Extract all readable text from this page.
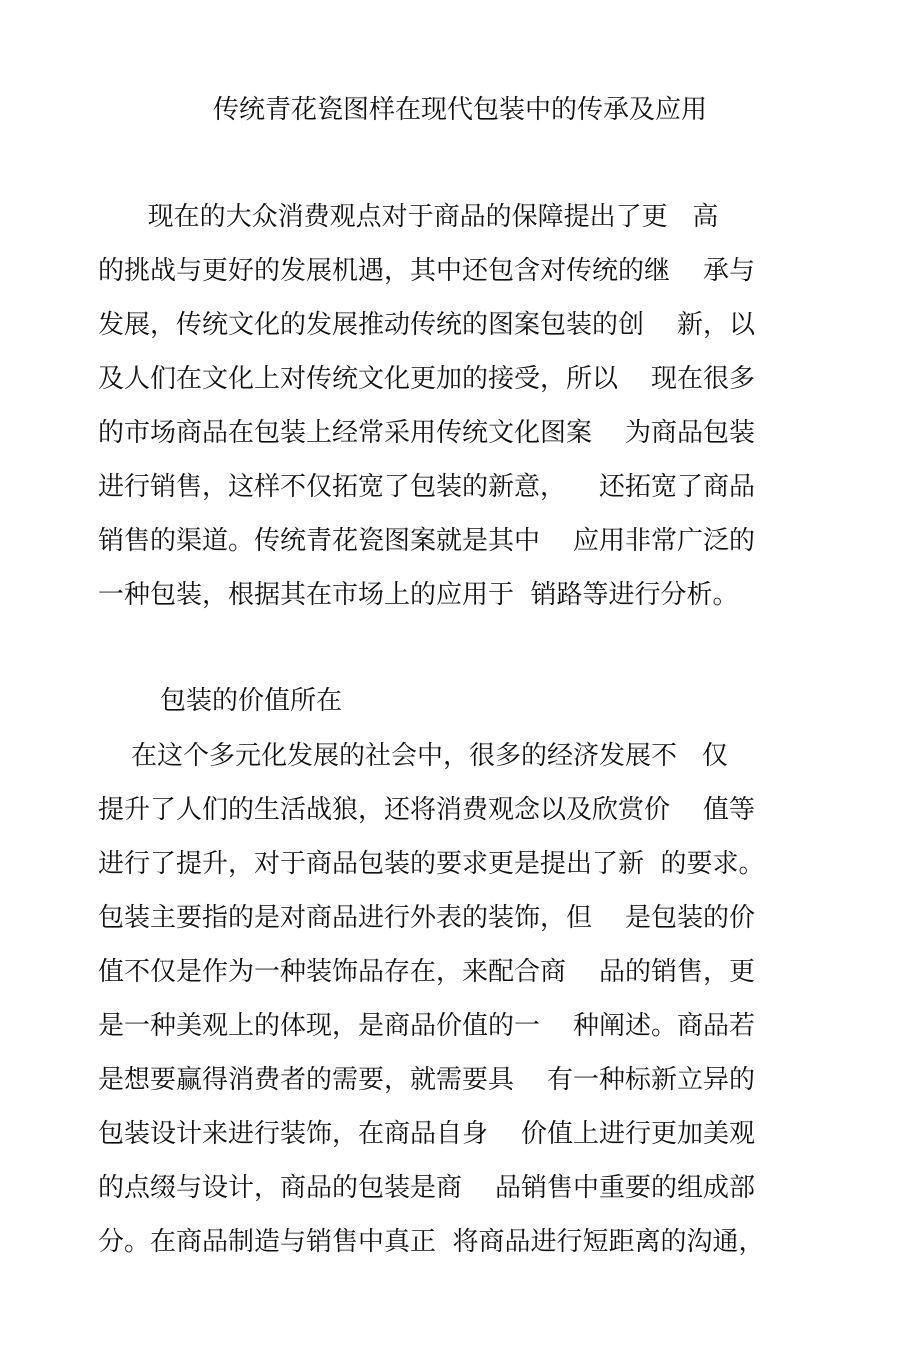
传统青花瓷图样在现代包装中的传承及应用
现在的大众消费观点对于商品的保障提出了更   高
的挑战与更好的发展机遇，其中还包含对传统的继    承与
发展，传统文化的发展推动传统的图案包装的创    新，以
及人们在文化上对传统文化更加的接受，所以    现在很多
的市场商品在包装上经常采用传统文化图案    为商品包装
进行销售，这样不仅拓宽了包装的新意，    还拓宽了商品
销售的渠道。传统青花瓷图案就是其中    应用非常广泛的
一种包装，根据其在市场上的应用于  销路等进行分析。
包装的价值所在
在这个多元化发展的社会中，很多的经济发展不   仅
提升了人们的生活战狼，还将消费观念以及欣赏价    值等
进行了提升，对于商品包装的要求更是提出了新  的要求。
包装主要指的是对商品进行外表的装饰，但    是包装的价
值不仅是作为一种装饰品存在，来配合商    品的销售，更
是一种美观上的体现，是商品价值的一    种阐述。商品若
是想要赢得消费者的需要，就需要具    有一种标新立异的
包装设计来进行装饰，在商品自身    价值上进行更加美观
的点缀与设计，商品的包装是商    品销售中重要的组成部
分。在商品制造与销售中真正  将商品进行短距离的沟通，
